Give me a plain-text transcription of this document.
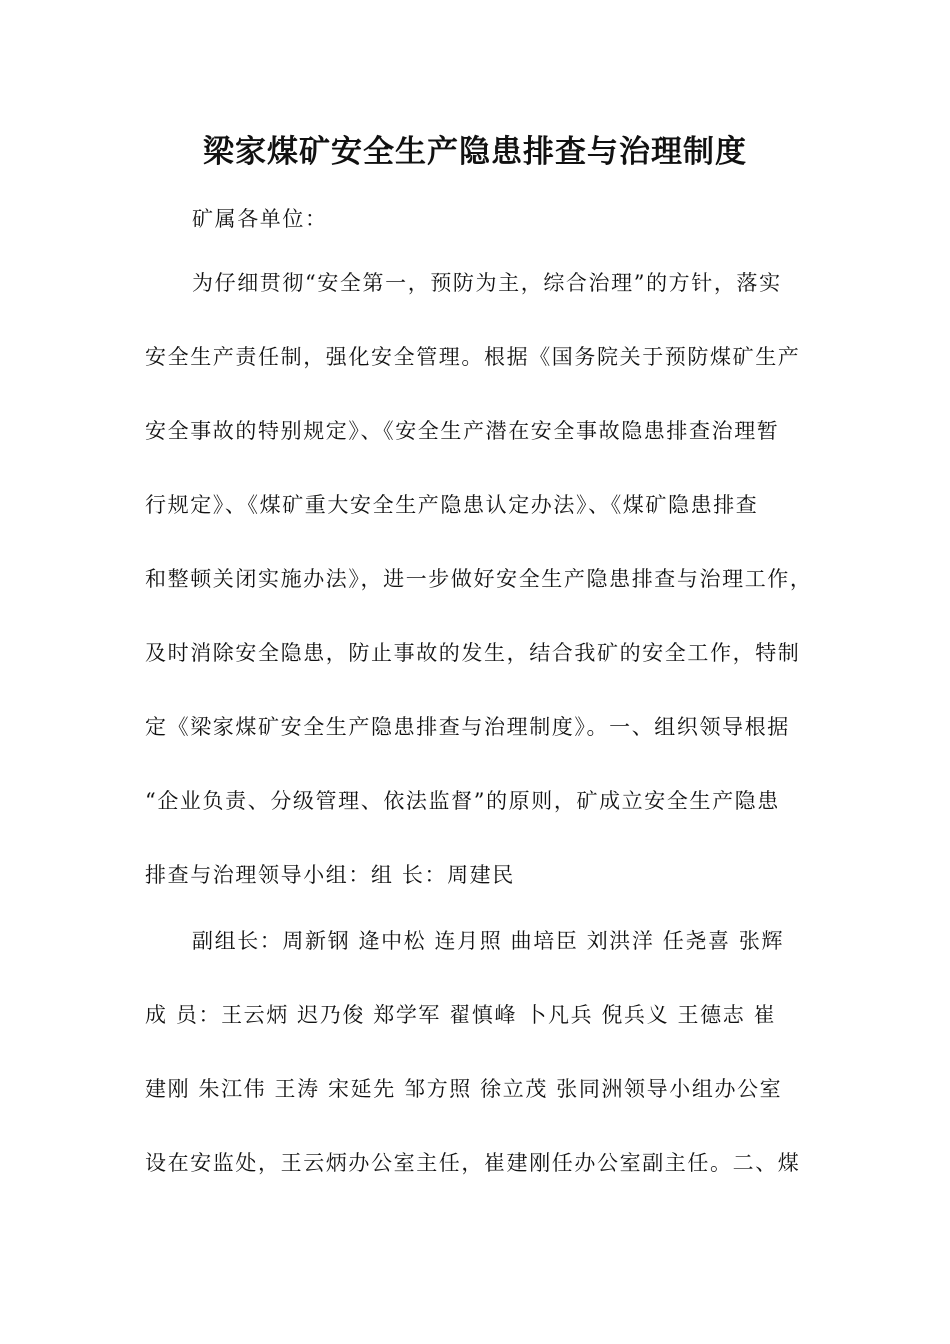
梁家煤矿安全生产隐患排查与治理制度
矿属各单位：
为仔细贯彻“安全第一，预防为主，综合治理”的方针，落实
安全生产责任制，强化安全管理。根据《国务院关于预防煤矿生产
安全事故的特别规定》、《安全生产潜在安全事故隐患排查治理暂
行规定》、《煤矿重大安全生产隐患认定办法》、《煤矿隐患排查
和整顿关闭实施办法》，进一步做好安全生产隐患排查与治理工作，
及时消除安全隐患，防止事故的发生，结合我矿的安全工作，特制
定《梁家煤矿安全生产隐患排查与治理制度》。一、组织领导根据
“企业负责、分级管理、依法监督”的原则，矿成立安全生产隐患
排查与治理领导小组：组 长：周建民
副组长：周新钢 逄中松 连月照 曲培臣 刘洪洋 任尧喜 张辉
成 员：王云炳 迟乃俊 郑学军 翟慎峰 卜凡兵 倪兵义 王德志 崔
建刚 朱江伟 王涛 宋延先 邹方照 徐立茂 张同洲领导小组办公室
设在安监处，王云炳办公室主任，崔建刚任办公室副主任。二、煤
